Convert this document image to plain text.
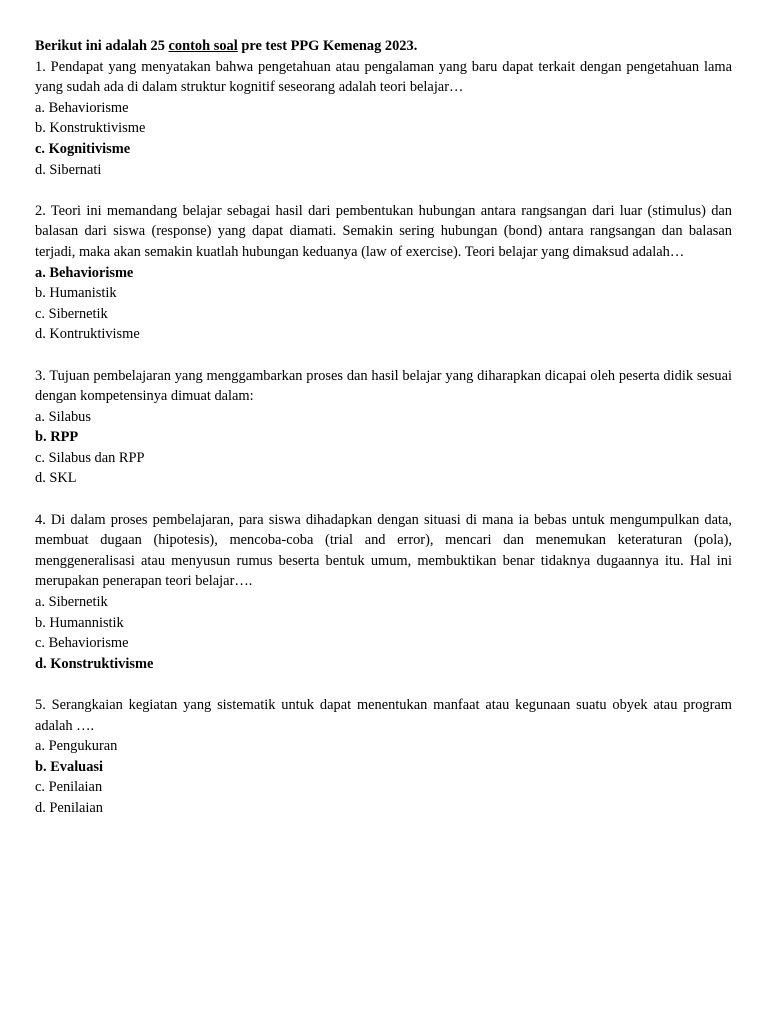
Berikut ini adalah 25 contoh soal pre test PPG Kemenag 2023.
1. Pendapat yang menyatakan bahwa pengetahuan atau pengalaman yang baru dapat terkait dengan pengetahuan lama yang sudah ada di dalam struktur kognitif seseorang adalah teori belajar…
a. Behaviorisme
b. Konstruktivisme
c. Kognitivisme
d. Sibernati
2. Teori ini memandang belajar sebagai hasil dari pembentukan hubungan antara rangsangan dari luar (stimulus) dan balasan dari siswa (response) yang dapat diamati. Semakin sering hubungan (bond) antara rangsangan dan balasan terjadi, maka akan semakin kuatlah hubungan keduanya (law of exercise). Teori belajar yang dimaksud adalah…
a. Behaviorisme
b. Humanistik
c. Sibernetik
d. Kontruktivisme
3. Tujuan pembelajaran yang menggambarkan proses dan hasil belajar yang diharapkan dicapai oleh peserta didik sesuai dengan kompetensinya dimuat dalam:
a. Silabus
b. RPP
c. Silabus dan RPP
d. SKL
4. Di dalam proses pembelajaran, para siswa dihadapkan dengan situasi di mana ia bebas untuk mengumpulkan data, membuat dugaan (hipotesis), mencoba-coba (trial and error), mencari dan menemukan keteraturan (pola), menggeneralisasi atau menyusun rumus beserta bentuk umum, membuktikan benar tidaknya dugaannya itu. Hal ini merupakan penerapan teori belajar….
a. Sibernetik
b. Humannistik
c. Behaviorisme
d. Konstruktivisme
5. Serangkaian kegiatan yang sistematik untuk dapat menentukan manfaat atau kegunaan suatu obyek atau program adalah ….
a. Pengukuran
b. Evaluasi
c. Penilaian
d. Penilaian
